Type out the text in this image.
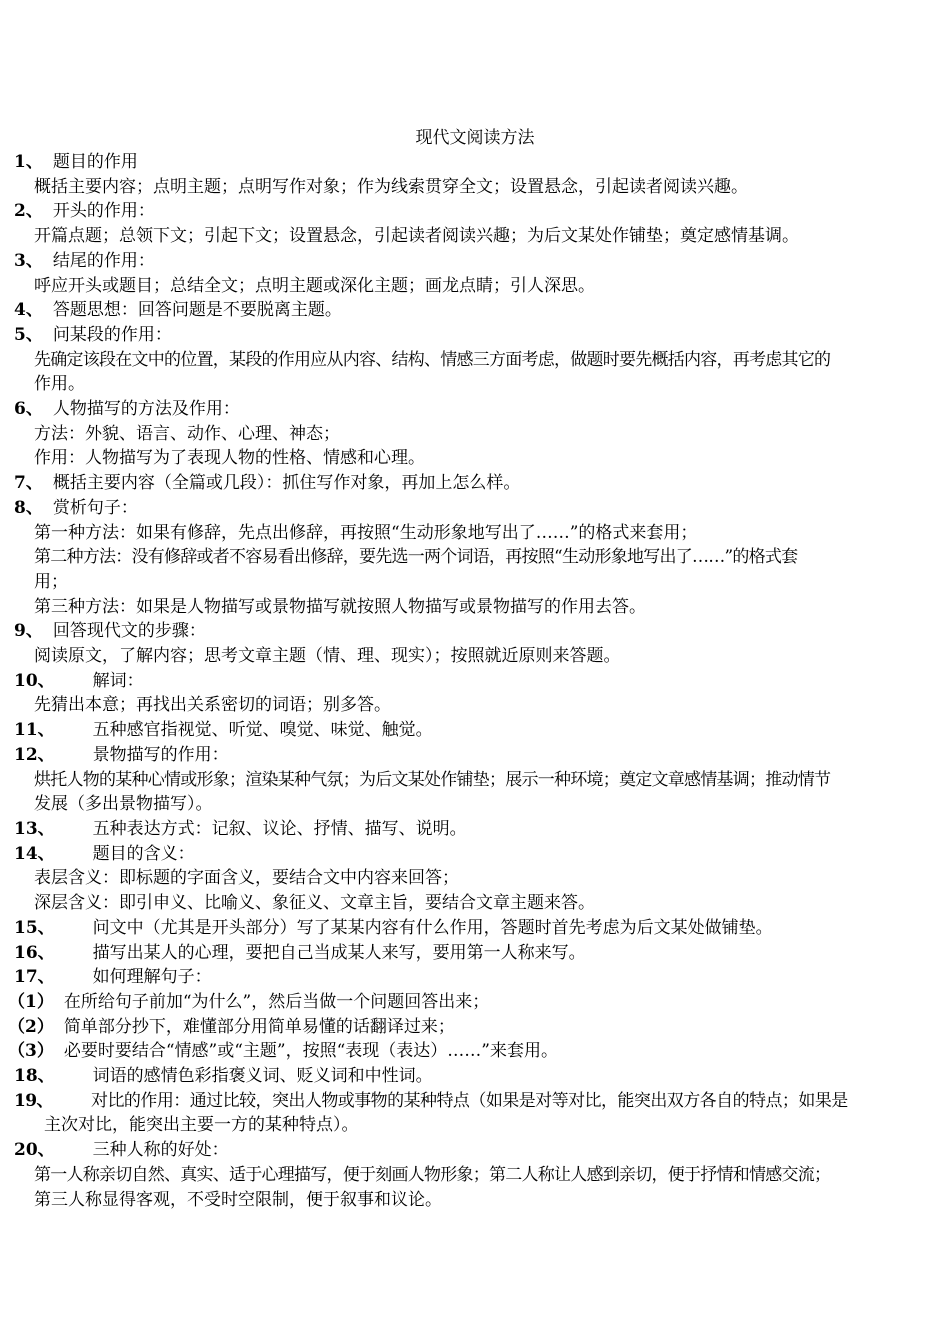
现代文阅读方法
1、 题目的作用
概括主要内容；点明主题；点明写作对象；作为线索贯穿全文；设置悬念，引起读者阅读兴趣。
2、 开头的作用：
开篇点题；总领下文；引起下文；设置悬念，引起读者阅读兴趣；为后文某处作铺垫；奠定感情基调。
3、 结尾的作用：
呼应开头或题目；总结全文；点明主题或深化主题；画龙点睛；引人深思。
4、 答题思想：回答问题是不要脱离主题。
5、 问某段的作用：
先确定该段在文中的位置，某段的作用应从内容、结构、情感三方面考虑，做题时要先概括内容，再考虑其它的
作用。
6、 人物描写的方法及作用：
方法：外貌、语言、动作、心理、神态；
作用：人物描写为了表现人物的性格、情感和心理。
7、 概括主要内容（全篇或几段）：抓住写作对象，再加上怎么样。
8、 赏析句子：
第一种方法：如果有修辞，先点出修辞，再按照“生动形象地写出了……”的格式来套用；
第二种方法：没有修辞或者不容易看出修辞，要先选一两个词语，再按照“生动形象地写出了……”的格式套
用；
第三种方法：如果是人物描写或景物描写就按照人物描写或景物描写的作用去答。
9、 回答现代文的步骤：
阅读原文，了解内容；思考文章主题（情、理、现实）；按照就近原则来答题。
10、 解词：
先猜出本意；再找出关系密切的词语；别多答。
11、 五种感官指视觉、听觉、嗅觉、味觉、触觉。
12、 景物描写的作用：
烘托人物的某种心情或形象；渲染某种气氛；为后文某处作铺垫；展示一种环境；奠定文章感情基调；推动情节
发展（多出景物描写）。
13、 五种表达方式：记叙、议论、抒情、描写、说明。
14、 题目的含义：
表层含义：即标题的字面含义，要结合文中内容来回答；
深层含义：即引申义、比喻义、象征义、文章主旨，要结合文章主题来答。
15、 问文中（尤其是开头部分）写了某某内容有什么作用，答题时首先考虑为后文某处做铺垫。
16、 描写出某人的心理，要把自己当成某人来写，要用第一人称来写。
17、 如何理解句子：
（1） 在所给句子前加“为什么”，然后当做一个问题回答出来；
（2） 简单部分抄下，难懂部分用简单易懂的话翻译过来；
（3） 必要时要结合“情感”或“主题”，按照“表现（表达）……”来套用。
18、 词语的感情色彩指褒义词、贬义词和中性词。
19、 对比的作用：通过比较，突出人物或事物的某种特点（如果是对等对比，能突出双方各自的特点；如果是
主次对比，能突出主要一方的某种特点）。
20、 三种人称的好处：
第一人称亲切自然、真实、适于心理描写，便于刻画人物形象；第二人称让人感到亲切，便于抒情和情感交流；
第三人称显得客观，不受时空限制，便于叙事和议论。
